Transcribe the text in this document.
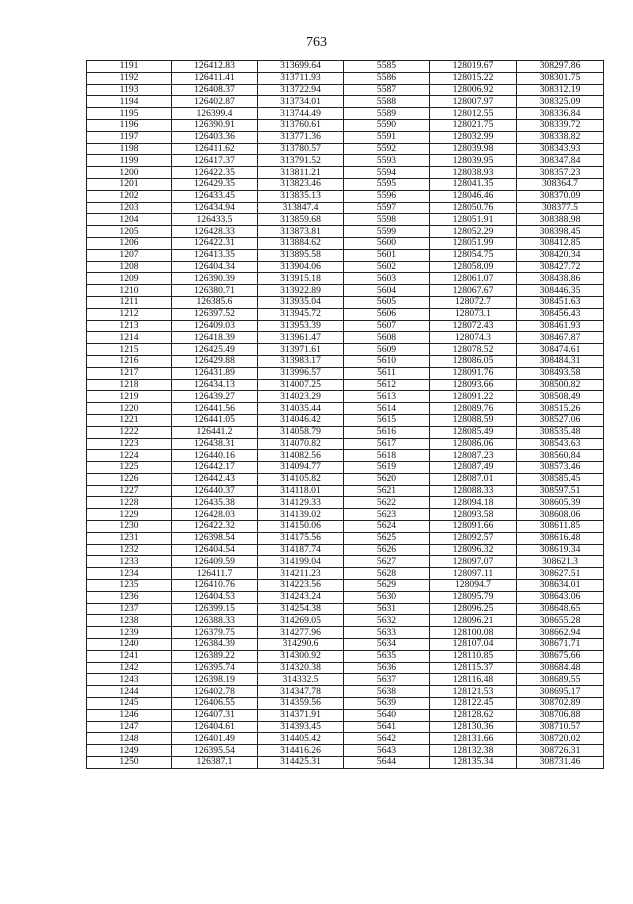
763
1191	126412.83	313699.64	5585	128019.67	308297.86
1192	126411.41	313711.93	5586	128015.22	308301.75
1193	126408.37	313722.94	5587	128006.92	308312.19
1194	126402.87	313734.01	5588	128007.97	308325.09
1195	126399.4	313744.49	5589	128012.55	308336.84
1196	126390.91	313760.61	5590	128021.75	308339.72
1197	126403.36	313771.36	5591	128032.99	308338.82
1198	126411.62	313780.57	5592	128039.98	308343.93
1199	126417.37	313791.52	5593	128039.95	308347.84
1200	126422.35	313811.21	5594	128038.93	308357.23
1201	126429.35	313823.46	5595	128041.35	308364.7
1202	126433.45	313835.13	5596	128046.46	308370.09
1203	126434.94	313847.4	5597	128050.76	308377.5
1204	126433.5	313859.68	5598	128051.91	308388.98
1205	126428.33	313873.81	5599	128052.29	308398.45
1206	126422.31	313884.62	5600	128051.99	308412.85
1207	126413.35	313895.58	5601	128054.75	308420.34
1208	126404.34	313904.06	5602	128058.09	308427.72
1209	126390.39	313915.18	5603	128061.07	308438.86
1210	126380.71	313922.89	5604	128067.67	308446.35
1211	126385.6	313935.04	5605	128072.7	308451.63
1212	126397.52	313945.72	5606	128073.1	308456.43
1213	126409.03	313953.39	5607	128072.43	308461.93
1214	126418.39	313961.47	5608	128074.3	308467.87
1215	126425.49	313971.61	5609	128078.52	308474.61
1216	126429.88	313983.17	5610	128086.05	308484.31
1217	126431.89	313996.57	5611	128091.76	308493.58
1218	126434.13	314007.25	5612	128093.66	308500.82
1219	126439.27	314023.29	5613	128091.22	308508.49
1220	126441.56	314035.44	5614	128089.76	308515.26
1221	126441.05	314046.42	5615	128088.59	308527.06
1222	126441.2	314058.79	5616	128085.49	308535.48
1223	126438.31	314070.82	5617	128086.06	308543.63
1224	126440.16	314082.56	5618	128087.23	308560.84
1225	126442.17	314094.77	5619	128087.49	308573.46
1226	126442.43	314105.82	5620	128087.01	308585.45
1227	126440.37	314118.01	5621	128088.33	308597.51
1228	126435.38	314129.33	5622	128094.18	308605.39
1229	126428.03	314139.02	5623	128093.58	308608.06
1230	126422.32	314150.06	5624	128091.66	308611.85
1231	126398.54	314175.56	5625	128092.57	308616.48
1232	126404.54	314187.74	5626	128096.32	308619.34
1233	126409.59	314199.04	5627	128097.07	308621.3
1234	126411.7	314211.23	5628	128097.11	308627.51
1235	126410.76	314223.56	5629	128094.7	308634.01
1236	126404.53	314243.24	5630	128095.79	308643.06
1237	126399.15	314254.38	5631	128096.25	308648.65
1238	126388.33	314269.05	5632	128096.21	308655.28
1239	126379.75	314277.96	5633	128100.08	308662.94
1240	126384.39	314290.6	5634	128107.04	308671.71
1241	126389.22	314300.92	5635	128110.85	308675.66
1242	126395.74	314320.38	5636	128115.37	308684.48
1243	126398.19	314332.5	5637	128116.48	308689.55
1244	126402.78	314347.78	5638	128121.53	308695.17
1245	126406.55	314359.56	5639	128122.45	308702.89
1246	126407.31	314371.91	5640	128128.62	308706.88
1247	126404.61	314393.45	5641	128130.36	308710.57
1248	126401.49	314405.42	5642	128131.66	308720.02
1249	126395.54	314416.26	5643	128132.38	308726.31
1250	126387.1	314425.31	5644	128135.34	308731.46
